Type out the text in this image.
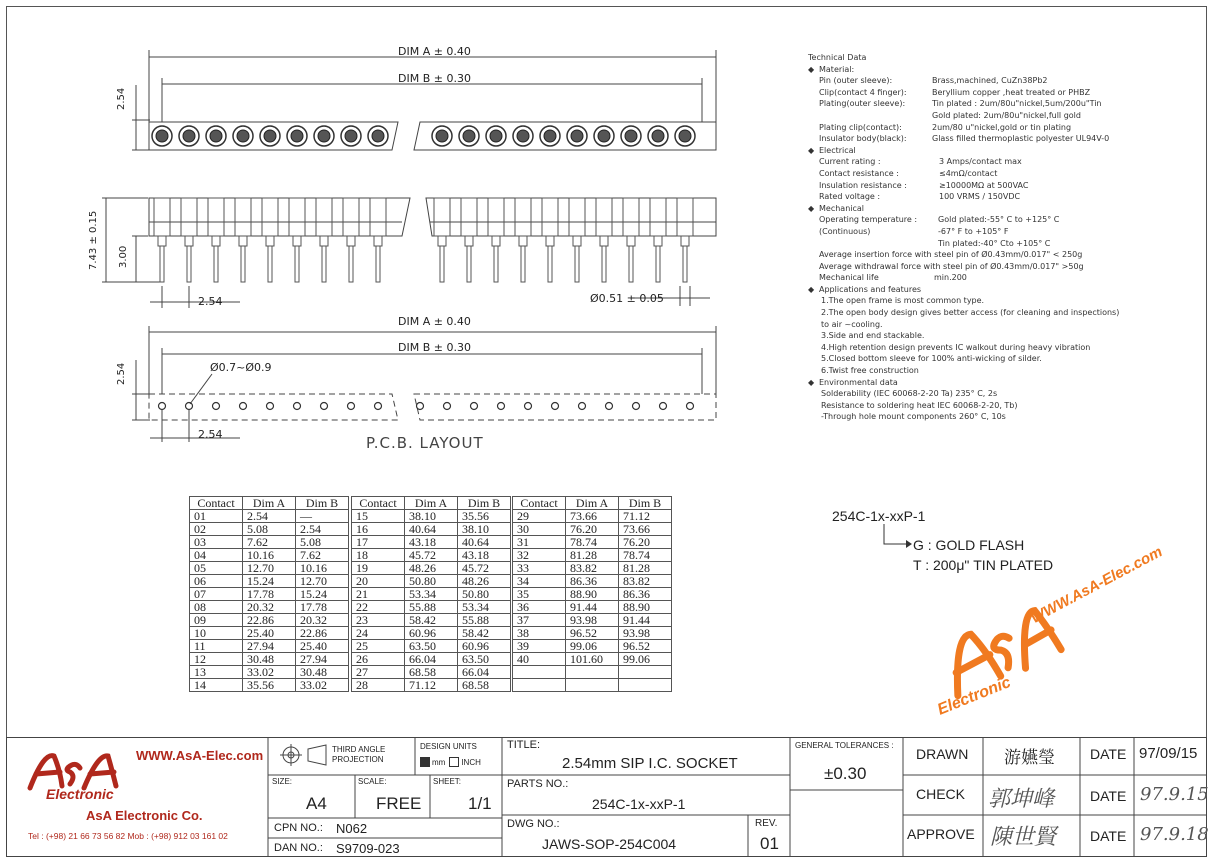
DIM A ± 0.40
DIM B ± 0.30
2.54
7.43 ± 0.15 3.00
2.54	Ø0.51 ± 0.05
DIM A ± 0.40
DIM B ± 0.30
2.54	Ø0.7~Ø0.9
2.54	P.C.B. LAYOUT
Technical Data
◆ Material:
Pin (outer sleeve):	Brass,machined, CuZn38Pb2
Clip(contact 4 finger):	Beryllium copper ,heat treated or PHBZ
Plating(outer sleeve):	Tin plated : 2um/80u"nickel,5um/200u"Tin
Gold plated: 2um/80u"nickel,full gold
Plating clip(contact):	2um/80 u"nickel,gold or tin plating
Insulator body(black):	Glass filled thermoplastic polyester UL94V-0
◆ Electrical
Current rating :	3 Amps/contact max
Contact resistance :	≤4mΩ/contact
Insulation resistance :	≥10000MΩ at 500VAC
Rated voltage :	100 VRMS / 150VDC
◆ Mechanical
Operating temperature :	Gold plated:-55° C to +125° C
(Continuous)	-67° F to +105° F
Tin plated:-40° Cto +105° C
Average insertion force with steel pin of Ø0.43mm/0.017" < 250g
Average withdrawal force with steel pin of Ø0.43mm/0.017" >50g
Mechanical life	min.200
◆ Applications and features
1.The open frame is most common type.
2.The open body design gives better access (for cleaning and inspections)
to air ~cooling.
3.Side and end stackable.
4.High retention design prevents IC walkout during heavy vibration
5.Closed bottom sleeve for 100% anti-wicking of silder.
6.Twist free construction
◆ Environmental data
Solderability (IEC 60068-2-20 Ta) 235° C, 2s
Resistance to soldering heat IEC 60068-2-20, Tb)
-Through hole mount components 260° C, 10s
Contact	Dim A	Dim B
01	2.54	—
02	5.08	2.54
03	7.62	5.08
04	10.16	7.62
05	12.70	10.16
06	15.24	12.70
07	17.78	15.24
08	20.32	17.78
09	22.86	20.32
10	25.40	22.86
11	27.94	25.40
12	30.48	27.94
13	33.02	30.48
14	35.56	33.02
Contact	Dim A	Dim B
15	38.10	35.56
16	40.64	38.10
17	43.18	40.64
18	45.72	43.18
19	48.26	45.72
20	50.80	48.26
21	53.34	50.80
22	55.88	53.34
23	58.42	55.88
24	60.96	58.42
25	63.50	60.96
26	66.04	63.50
27	68.58	66.04
28	71.12	68.58
Contact	Dim A	Dim B
29	73.66	71.12
30	76.20	73.66
31	78.74	76.20
32	81.28	78.74
33	83.82	81.28
34	86.36	83.82
35	88.90	86.36
36	91.44	88.90
37	93.98	91.44
38	96.52	93.98
39	99.06	96.52
40	101.60	99.06

254C-1x-xxP-1
G : GOLD FLASH
T : 200μ" TIN PLATED
WWW.AsA-Elec.com
Electronic
WWW.AsA-Elec.com
Electronic
AsA Electronic Co.
Tel : (+98) 21 66 73 56 82 Mob : (+98) 912 03 161 02
THIRD ANGLE PROJECTION
DESIGN UNITS
mm INCH
SIZE:
A4
SCALE:
FREE
SHEET:
1/1
CPN NO.: N062
DAN NO.: S9709-023
TITLE:
2.54mm SIP I.C. SOCKET
PARTS NO.:
254C-1x-xxP-1
DWG NO.:
JAWS-SOP-254C004
REV.
01
GENERAL TOLERANCES :
±0.30
DRAWN 游嬿瑩
CHECK 郭坤峰
APPROVE 陳世賢
DATE 97/09/15
DATE 97.9.15
DATE 97.9.18
